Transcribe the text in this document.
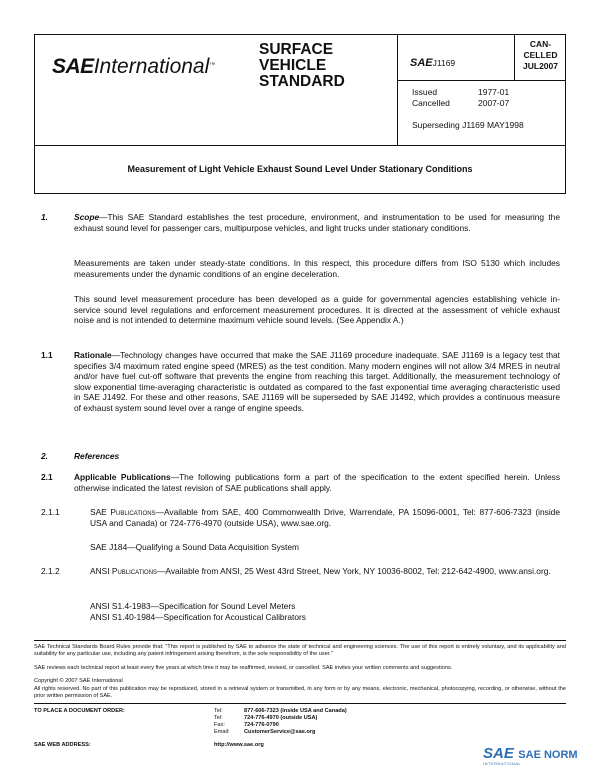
SAEInternational™
SURFACE
VEHICLE
STANDARD
SAEJ1169
CAN-
CELLED
JUL2007
Issued	1977-01
Cancelled	2007-07
Superseding J1169 MAY1998
Measurement of Light Vehicle Exhaust Sound Level Under Stationary Conditions
1.	Scope—This SAE Standard establishes the test procedure, environment, and instrumentation to be used for measuring the exhaust sound level for passenger cars, multipurpose vehicles, and light trucks under stationary conditions.
Measurements are taken under steady-state conditions. In this respect, this procedure differs from ISO 5130 which includes measurements under the dynamic conditions of an engine deceleration.
This sound level measurement procedure has been developed as a guide for governmental agencies establishing vehicle in-service sound level regulations and enforcement measurement procedures. It is directed at the assessment of vehicle exhaust noise and is not intended to determine maximum vehicle sound levels. (See Appendix A.)
1.1	Rationale—Technology changes have occurred that make the SAE J1169 procedure inadequate. SAE J1169 is a legacy test that specifies 3/4 maximum rated engine speed (MRES) as the test condition. Many modern engines will not allow 3/4 MRES in neutral and/or have fuel cut-off software that prevents the engine from reaching this target. Additionally, the measurement technology of slow exponential time-averaging characteristic is outdated as compared to the fast exponential time averaging characteristic used in SAE J1492. For these and other reasons, SAE J1169 will be superseded by SAE J1492, which provides a continuous measure of exhaust system sound level over a range of engine speeds.
2.	References
2.1	Applicable Publications—The following publications form a part of the specification to the extent specified herein. Unless otherwise indicated the latest revision of SAE publications shall apply.
2.1.1	SAE Publications—Available from SAE, 400 Commonwealth Drive, Warrendale, PA 15096-0001, Tel: 877-606-7323 (inside USA and Canada) or 724-776-4970 (outside USA), www.sae.org.
SAE J184—Qualifying a Sound Data Acquisition System
2.1.2	ANSI Publications—Available from ANSI, 25 West 43rd Street, New York, NY 10036-8002, Tel: 212-642-4900, www.ansi.org.
ANSI S1.4-1983—Specification for Sound Level Meters
ANSI S1.40-1984—Specification for Acoustical Calibrators
SAE Technical Standards Board Rules provide that: “This report is published by SAE to advance the state of technical and engineering sciences. The use of this report is entirely voluntary, and its applicability and suitability for any particular use, including any patent infringement arising therefrom, is the sole responsibility of the user.”
SAE reviews each technical report at least every five years at which time it may be reaffirmed, revised, or cancelled. SAE invites your written comments and suggestions.
Copyright © 2007 SAE International
All rights reserved. No part of this publication may be reproduced, stored in a retrieval system or transmitted, in any form or by any means, electronic, mechanical, photocopying, recording, or otherwise, without the prior written permission of SAE.
TO PLACE A DOCUMENT ORDER:	Tel:	877-606-7323 (inside USA and Canada)
Tel:	724-776-4970 (outside USA)
Fax:	724-776-0790
Email:	CustomerService@sae.org
SAE WEB ADDRESS:	http://www.sae.org	SAE SAE NORM
INTERNATIONAL
